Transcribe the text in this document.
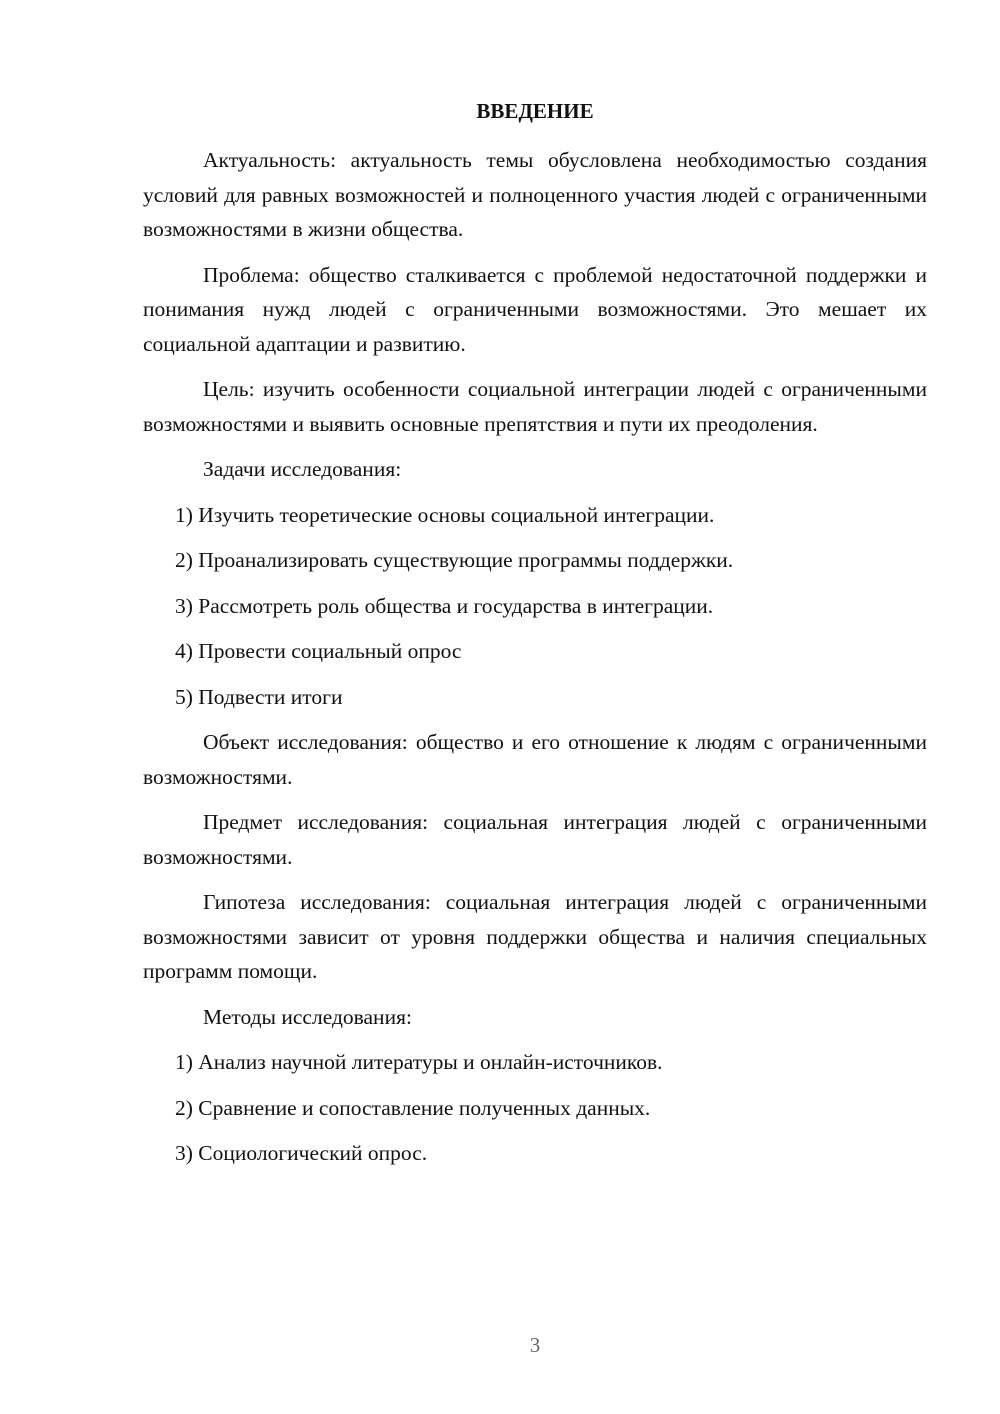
ВВЕДЕНИЕ

Актуальность: актуальность темы обусловлена необходимостью создания условий для равных возможностей и полноценного участия людей с ограниченными возможностями в жизни общества.

Проблема: общество сталкивается с проблемой недостаточной поддержки и понимания нужд людей с ограниченными возможностями. Это мешает их социальной адаптации и развитию.

Цель: изучить особенности социальной интеграции людей с ограниченными возможностями и выявить основные препятствия и пути их преодоления.

Задачи исследования:

1) Изучить теоретические основы социальной интеграции.
2) Проанализировать существующие программы поддержки.
3) Рассмотреть роль общества и государства в интеграции.
4) Провести социальный опрос
5) Подвести итоги

Объект исследования: общество и его отношение к людям с ограниченными возможностями.

Предмет исследования: социальная интеграция людей с ограниченными возможностями.

Гипотеза исследования: социальная интеграция людей с ограниченными возможностями зависит от уровня поддержки общества и наличия специальных программ помощи.

Методы исследования:

1) Анализ научной литературы и онлайн-источников.
2) Сравнение и сопоставление полученных данных.
3) Социологический опрос.
3
